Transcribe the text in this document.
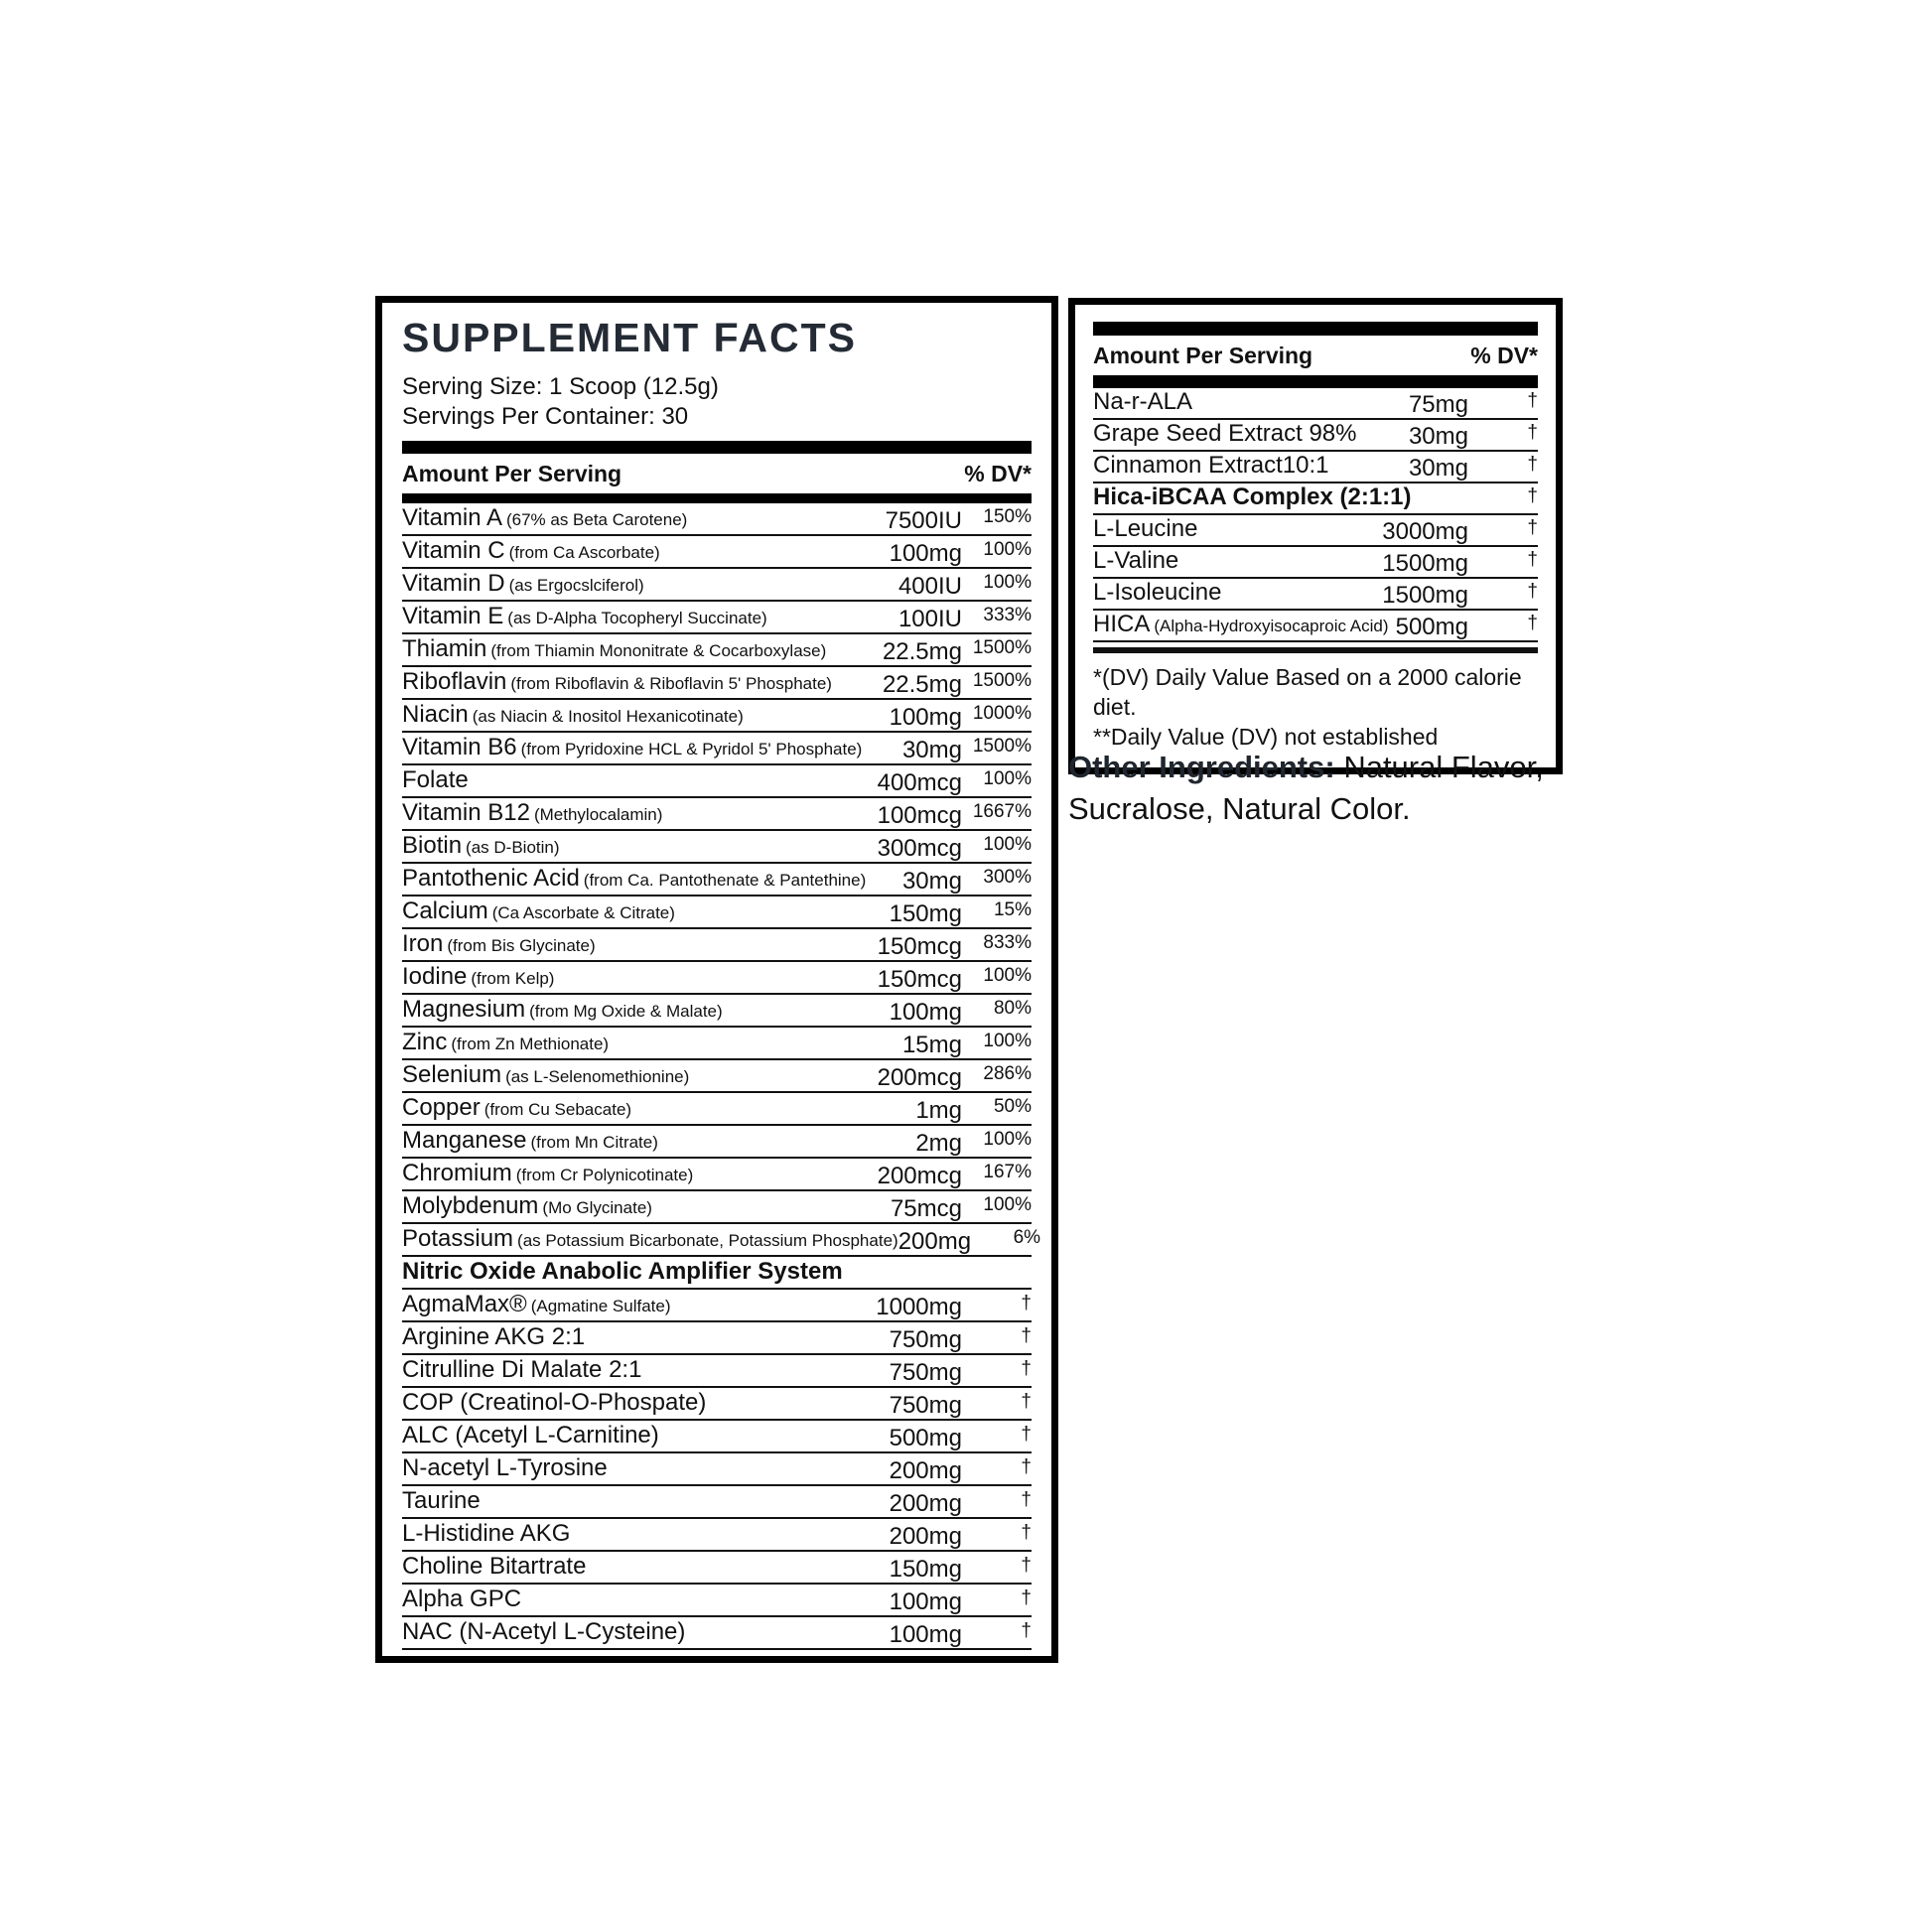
SUPPLEMENT FACTS
Serving Size: 1 Scoop (12.5g)
Servings Per Container: 30
Amount Per Serving	% DV*
Vitamin A (67% as Beta Carotene)	7500IU	150%
Vitamin C (from Ca Ascorbate)	100mg	100%
Vitamin D (as Ergocslciferol)	400IU	100%
Vitamin E (as D-Alpha Tocopheryl Succinate)	100IU	333%
Thiamin (from Thiamin Mononitrate & Cocarboxylase) 22.5mg 1500%
Riboflavin (from Riboflavin & Riboflavin 5' Phosphate) 22.5mg 1500%
Niacin (as Niacin & Inositol Hexanicotinate)	100mg 1000%
Vitamin B6 (from Pyridoxine HCL & Pyridol 5' Phosphate) 30mg 1500%
Folate	400mcg	100%
Vitamin B12 (Methylocalamin)	100mcg 1667%
Biotin (as D-Biotin)	300mcg	100%
Pantothenic Acid (from Ca. Pantothenate & Pantethine) 30mg	300%
Calcium (Ca Ascorbate & Citrate)	150mg	15%
Iron (from Bis Glycinate)	150mcg	833%
Iodine (from Kelp)	150mcg	100%
Magnesium (from Mg Oxide & Malate)	100mg	80%
Zinc (from Zn Methionate)	15mg	100%
Selenium (as L-Selenomethionine)	200mcg	286%
Copper (from Cu Sebacate)	1mg	50%
Manganese (from Mn Citrate)	2mg	100%
Chromium (from Cr Polynicotinate)	200mcg	167%
Molybdenum (Mo Glycinate)	75mcg	100%
Potassium (as Potassium Bicarbonate, Potassium Phosphate) 200mg	6%
Nitric Oxide Anabolic Amplifier System
AgmaMax® (Agmatine Sulfate)	1000mg	†
Arginine AKG 2:1	750mg	†
Citrulline Di Malate 2:1	750mg	†
COP (Creatinol-O-Phospate)	750mg	†
ALC (Acetyl L-Carnitine)	500mg	†
N-acetyl L-Tyrosine	200mg	†
Taurine	200mg	†
L-Histidine AKG	200mg	†
Choline Bitartrate	150mg	†
Alpha GPC	100mg	†
NAC (N-Acetyl L-Cysteine)	100mg	†
Amount Per Serving	% DV*
Na-r-ALA	75mg	†
Grape Seed Extract 98% 30mg	†
Cinnamon Extract10:1	30mg	†
Hica-iBCAA Complex (2:1:1)	†
L-Leucine	3000mg	†
L-Valine	1500mg	†
L-Isoleucine	1500mg	†
HICA (Alpha-Hydroxyisocaproic Acid) 500mg	†
*(DV) Daily Value Based on a 2000 calorie diet.
**Daily Value (DV) not established
Other Ingredients: Natural Flavor, Sucralose, Natural Color.
